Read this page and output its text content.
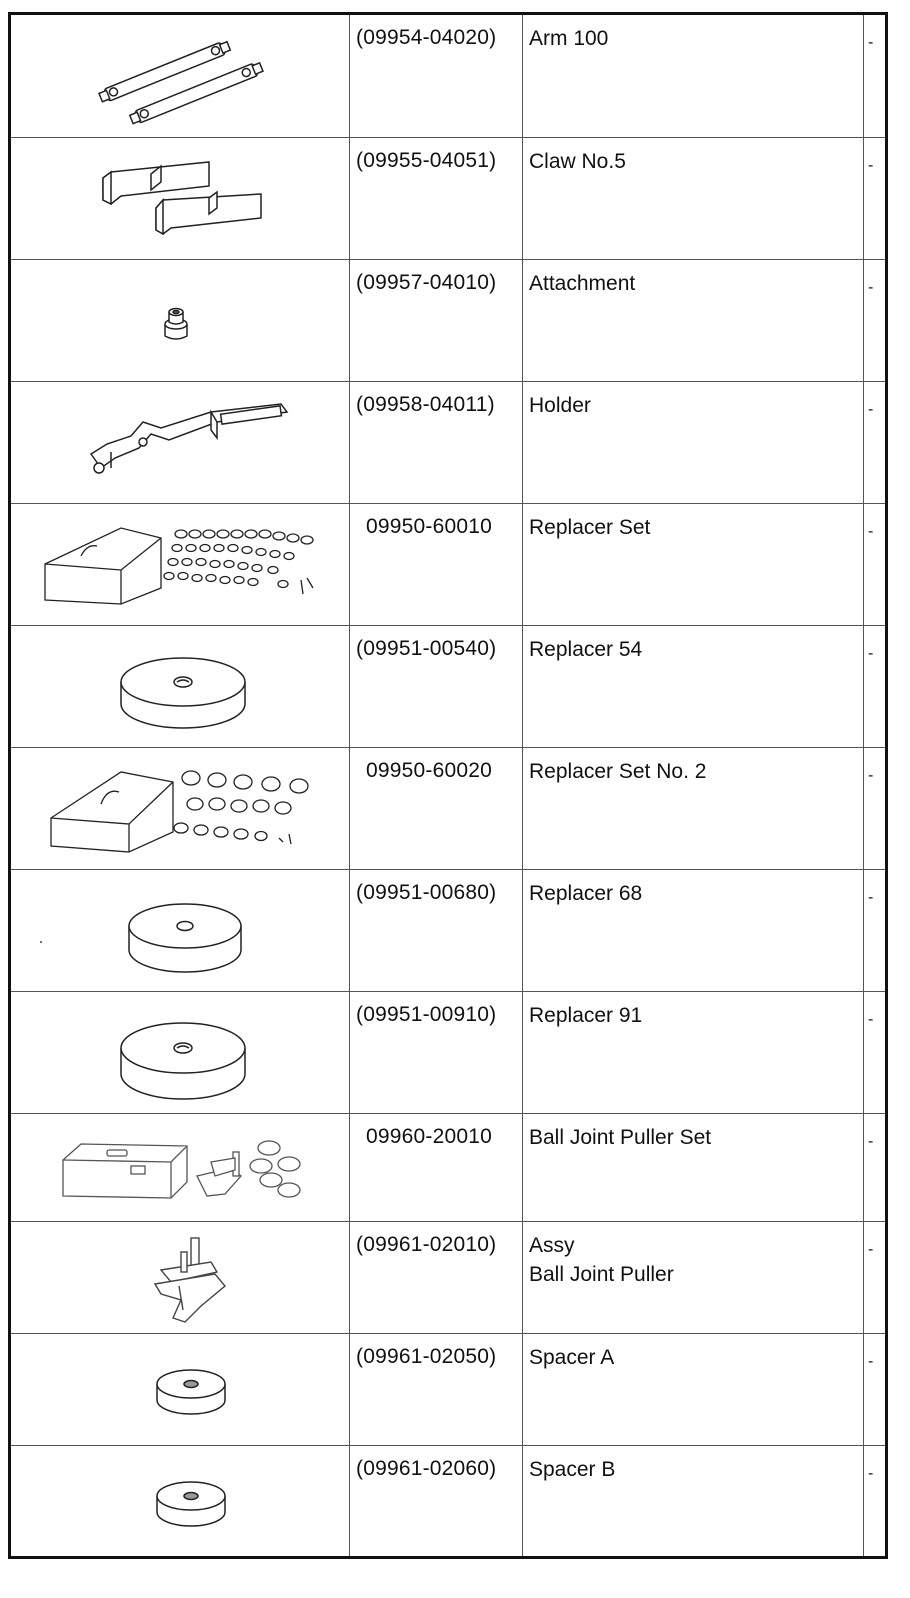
(09954-04020)	Arm 100	-

(09955-04051)	Claw No.5	-

(09957-04010)	Attachment	-

(09958-04011)	Holder	-

09950-60010	Replacer Set	-

(09951-00540)	Replacer 54	-

09950-60020	Replacer Set No. 2	-

(09951-00680)	Replacer 68	-

(09951-00910)	Replacer 91	-

09960-20010	Ball Joint Puller Set	-

(09961-02010)	Assy
Ball Joint Puller	-

(09961-02050)	Spacer A	-

(09961-02060)	Spacer B	-
